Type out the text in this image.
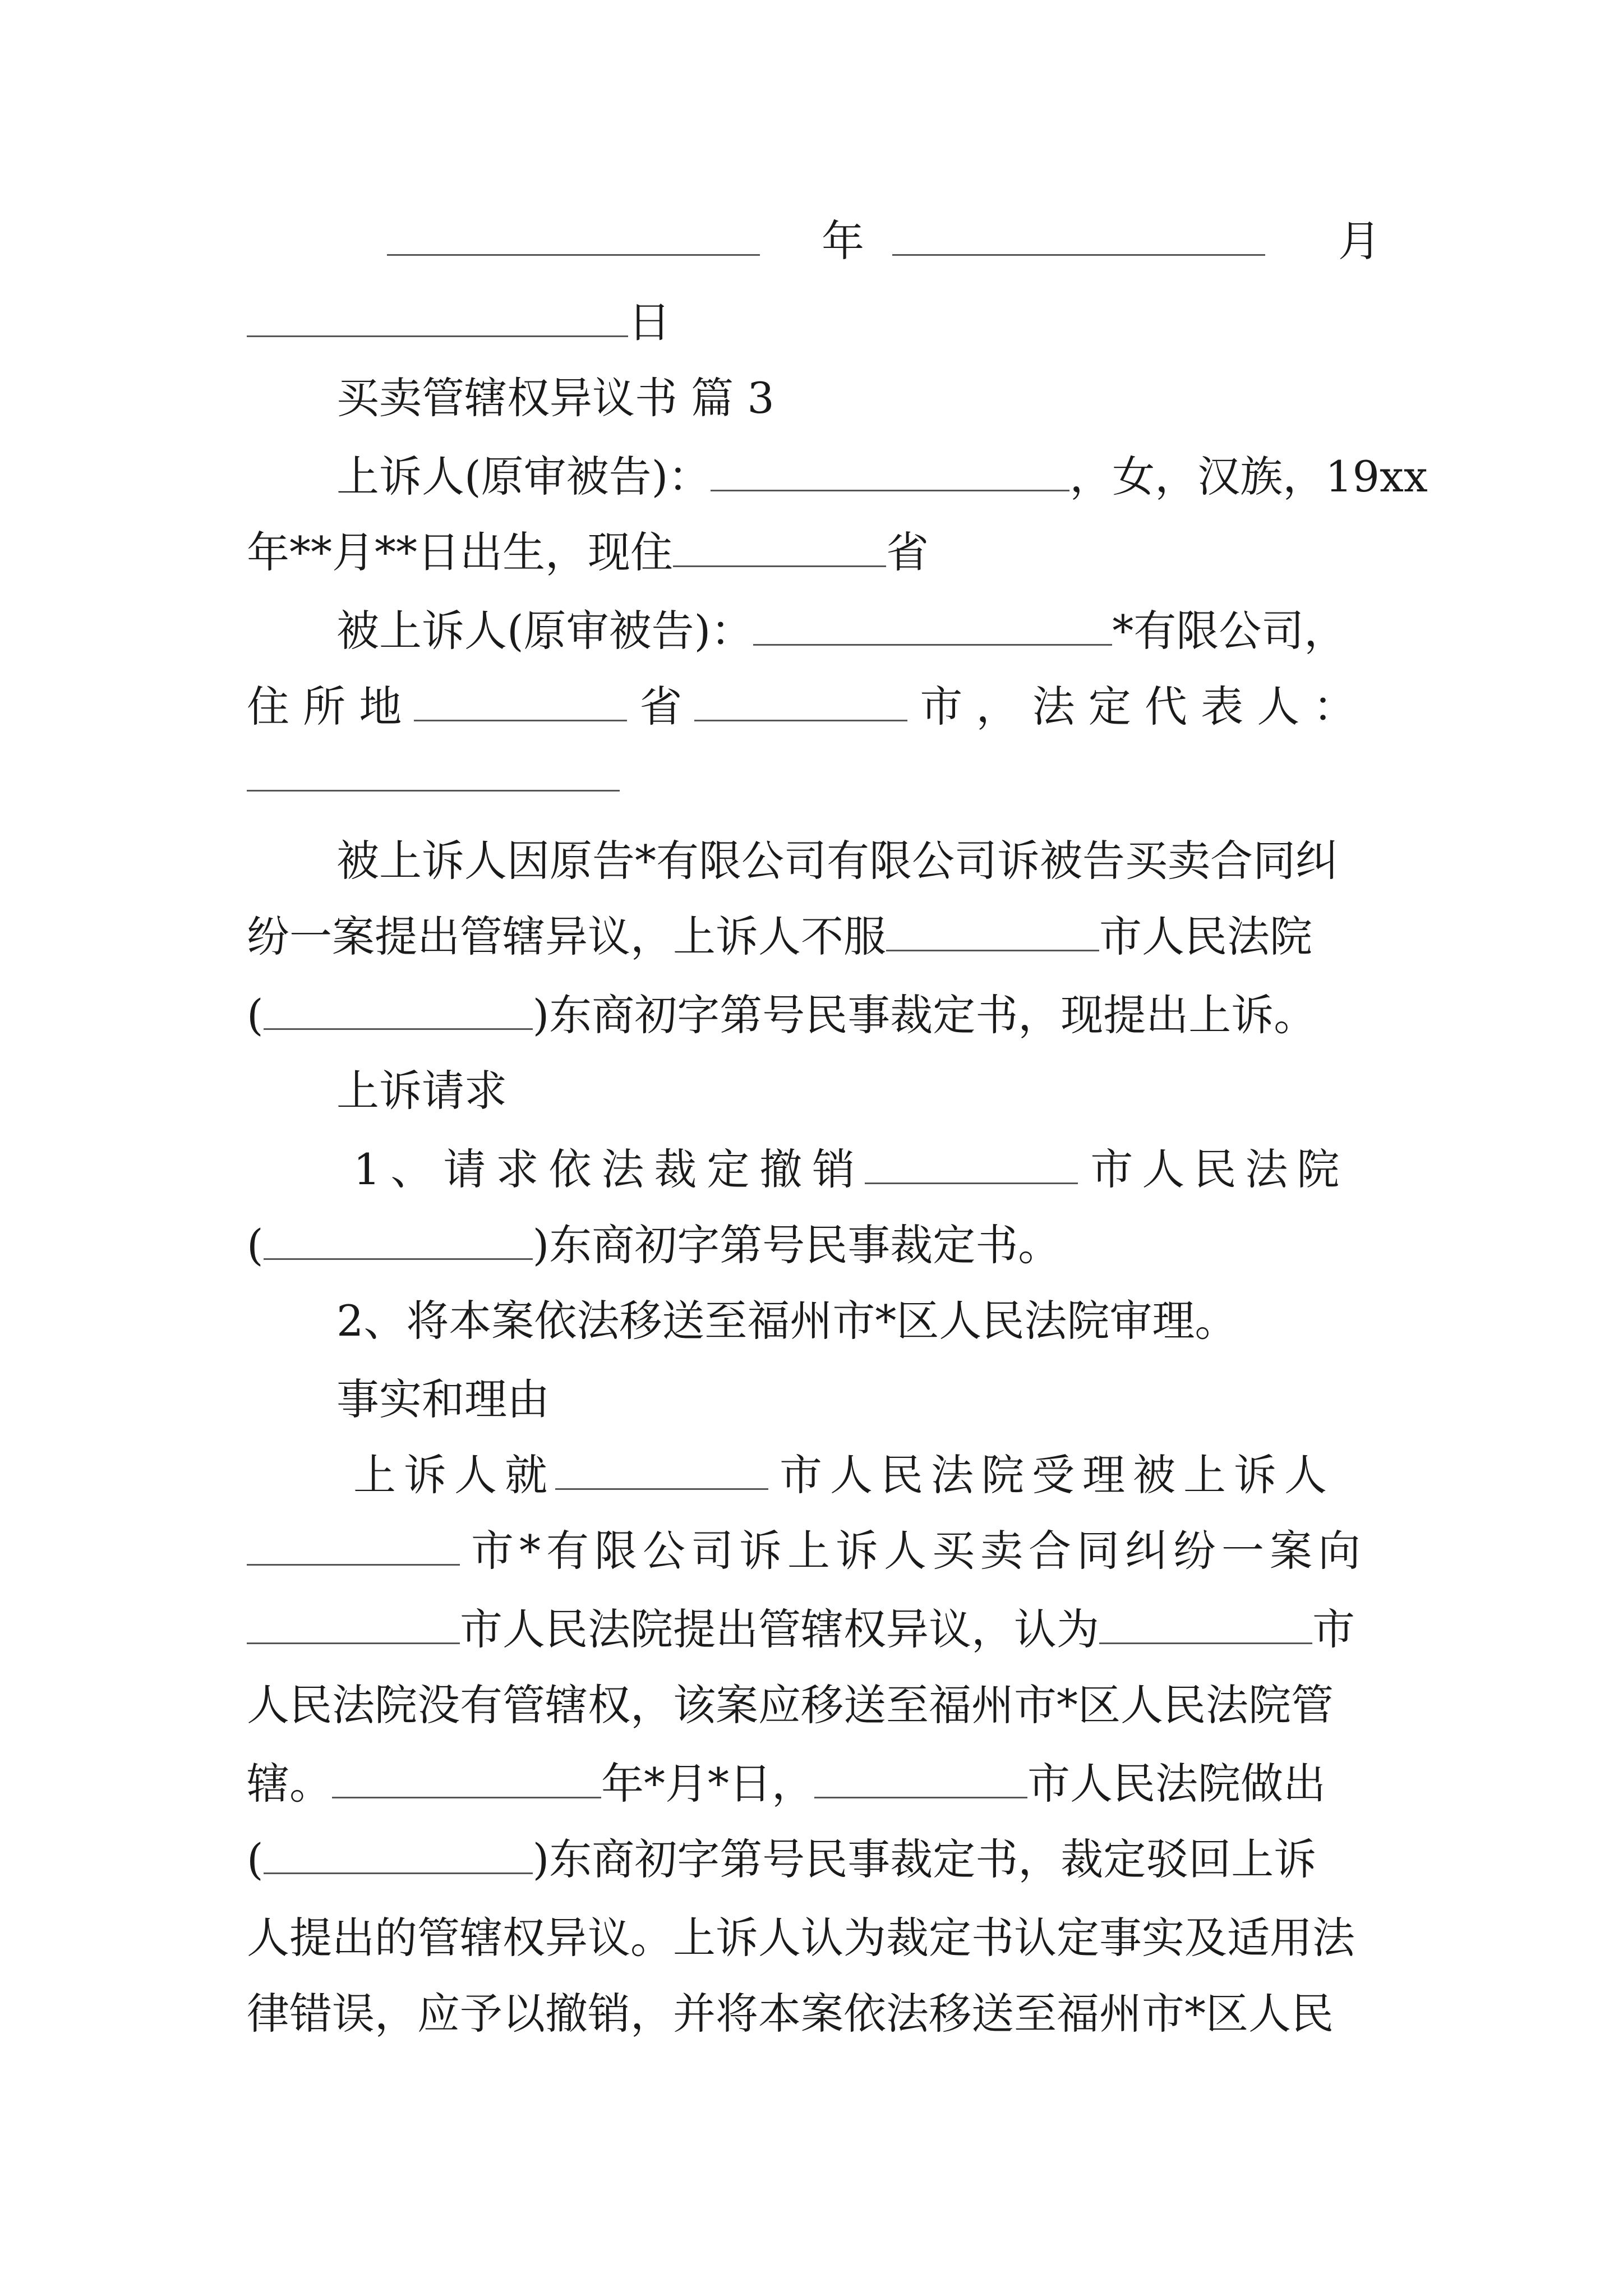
年	月
日
买卖管辖权异议书 篇 3
上诉人(原审被告)：	，女，汉族，19xx
年**月**日出生，现住	省
被上诉人(原审被告)：	*有限公司，
住 所 地	省	市 ， 法 定 代 表 人 ：
被上诉人因原告*有限公司有限公司诉被告买卖合同纠
纷一案提出管辖异议，上诉人不服	市人民法院
(	)东商初字第号民事裁定书，现提出上诉。
上诉请求
1、请求依法裁定撤销	市人民法院
(	)东商初字第号民事裁定书。
2、将本案依法移送至福州市*区人民法院审理。
事实和理由
上诉人就	市人民法院受理被上诉人
市*有限公司诉上诉人买卖合同纠纷一案向
市人民法院提出管辖权异议，认为	市
人民法院没有管辖权，该案应移送至福州市*区人民法院管
辖。	年*月*日，	市人民法院做出
(	)东商初字第号民事裁定书，裁定驳回上诉
人提出的管辖权异议。上诉人认为裁定书认定事实及适用法
律错误，应予以撤销，并将本案依法移送至福州市*区人民
